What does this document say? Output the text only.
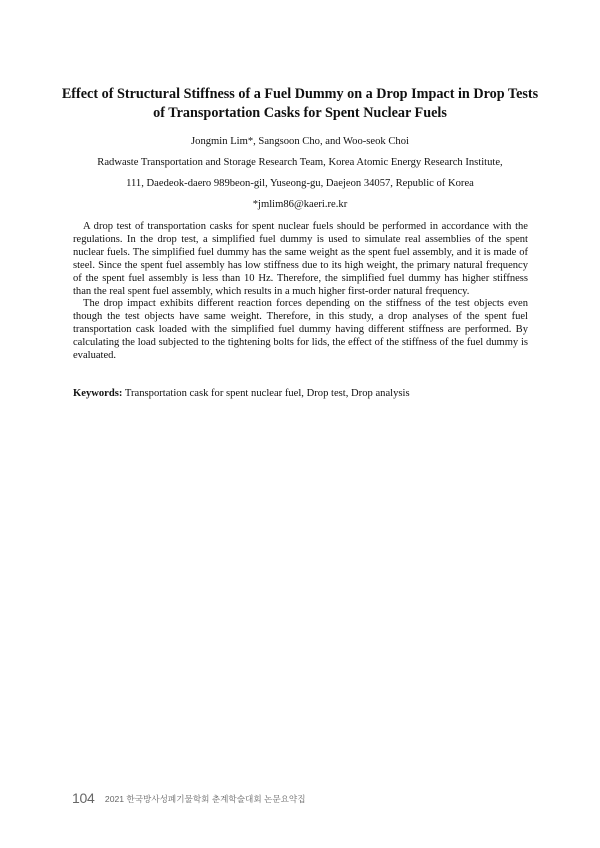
Effect of Structural Stiffness of a Fuel Dummy on a Drop Impact in Drop Tests
of Transportation Casks for Spent Nuclear Fuels
Jongmin Lim*, Sangsoon Cho, and Woo-seok Choi
Radwaste Transportation and Storage Research Team, Korea Atomic Energy Research Institute,
111, Daedeok-daero 989beon-gil, Yuseong-gu, Daejeon 34057, Republic of Korea
*jmlim86@kaeri.re.kr

A drop test of transportation casks for spent nuclear fuels should be performed in accordance with the regulations. In the drop test, a simplified fuel dummy is used to simulate real assemblies of the spent nuclear fuels. The simplified fuel dummy has the same weight as the spent fuel assembly, and it is made of steel. Since the spent fuel assembly has low stiffness due to its high weight, the primary natural frequency of the spent fuel assembly is less than 10 Hz. Therefore, the simplified fuel dummy has higher stiffness than the real spent fuel assembly, which results in a much higher first-order natural frequency.

The drop impact exhibits different reaction forces depending on the stiffness of the test objects even though the test objects have same weight. Therefore, in this study, a drop analyses of the spent fuel transportation cask loaded with the simplified fuel dummy having different stiffness are performed. By calculating the load subjected to the tightening bolts for lids, the effect of the stiffness of the fuel dummy is evaluated.

Keywords: Transportation cask for spent nuclear fuel, Drop test, Drop analysis
104 2021 한국방사성폐기물학회 춘계학술대회 논문요약집
